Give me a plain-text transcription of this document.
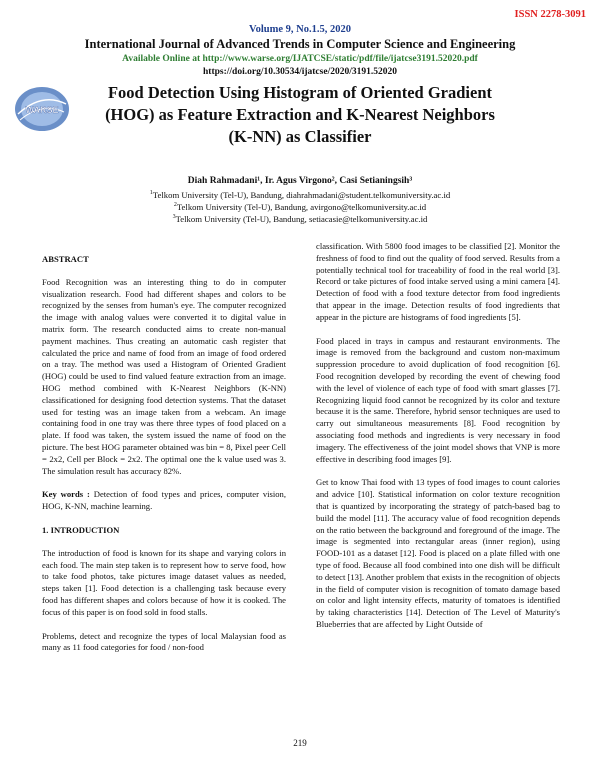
ISSN 2278-3091
Volume 9, No.1.5, 2020
International Journal of Advanced Trends in Computer Science and Engineering
Available Online at http://www.warse.org/IJATCSE/static/pdf/file/ijatcse3191.52020.pdf
https://doi.org/10.30534/ijatcse/2020/3191.52020
WARSE
Food Detection Using Histogram of Oriented Gradient
(HOG) as Feature Extraction and K-Nearest Neighbors
(K-NN) as Classifier
Diah Rahmadani¹, Ir. Agus Virgono², Casi Setianingsih³
$^1$Telkom University (Tel-U), Bandung, diahrahmadani@student.telkomuniversity.ac.id
$^2$Telkom University (Tel-U), Bandung, avirgono@telkomuniversity.ac.id
$^3$Telkom University (Tel-U), Bandung, setiacasie@telkomuniversity.ac.id
ABSTRACT
Food Recognition was an interesting thing to do in computer visualization research. Food had different shapes and colors to be recognized by the senses from human's eye. The computer recognized the image with analog values were converted it to digital value in matrix form. The research conducted aims to create non-manual payment machines. Thus creating an automatic cash register that calculated the price and name of food from an image of food ordered on a tray. The method was used a Histogram of Oriented Gradient (HOG) could be used to find valued feature extraction from an image. HOG method combined with K-Nearest Neighbors (K-NN) classificationed for designing food detection systems. That the dataset used for testing was an image taken from a webcam. An image containing food in one tray was there three types of food placed on a plate. If food was taken, the system issued the name of food on the picture. The best HOG parameter obtained was bin = 8, Pixel peer Cell = 2x2, Cell per Block = 2x2. The optimal one the k value used was 3. The simulation result has accuracy 82%.
Key words : Detection of food types and prices, computer vision, HOG, K-NN, machine learning.
1. INTRODUCTION
The introduction of food is known for its shape and varying colors in each food. The main step taken is to represent how to serve food, how to take food photos, take pictures image dataset values as needed, steps taken [1]. Food detection is a challenging task because every food has different shapes and colors because of how it is cooked. The focus of this paper is on food sold in food stalls.
Problems, detect and recognize the types of local Malaysian food as many as 11 food categories for food / non-food
classification. With 5800 food images to be classified [2]. Monitor the freshness of food to find out the quality of food served. Results from a potentially technical tool for traceability of food in the real world [3]. Record or take pictures of food intake served using a mini camera [4]. Detection of food with a food texture detector from food ingredients that appear in the image. Detection results of food ingredients that appear in the picture are histograms of food ingredients [5].
Food placed in trays in campus and restaurant environments. The image is removed from the background and custom non-maximum suppression procedure to avoid duplication of food recognition [6]. Food recognition developed by recording the event of chewing food with the level of violence of each type of food with smart glasses [7]. Recognizing liquid food cannot be recognized by its color and texture because it is the same. Therefore, hybrid sensor techniques are used to carry out simultaneous measurements [8]. Food recognition by associating food methods and ingredients is very necessary in food imagery. The effectiveness of the joint model shows that VNP is more effective in describing food images [9].
Get to know Thai food with 13 types of food images to count calories and advice [10]. Statistical information on color texture recognition that is quantized by incorporating the strategy of patch-based bag to build the model [11]. The accuracy value of food recognition depends on the ratio between the background and foreground of the image. The image is segmented into rectangular areas (inner region), using FOOD-101 as a dataset [12]. Food is placed on a plate filled with one type of food. Because all food combined into one dish will be difficult to detect [13]. Another problem that exists in the recognition of objects in the field of computer vision is recognition of tomato damage based on color and light intensity effects, maturity of tomatoes is identified by taking characteristics [14]. Detection of The Level of Maturity's Blueberries that are affected by Light Outside of
219
